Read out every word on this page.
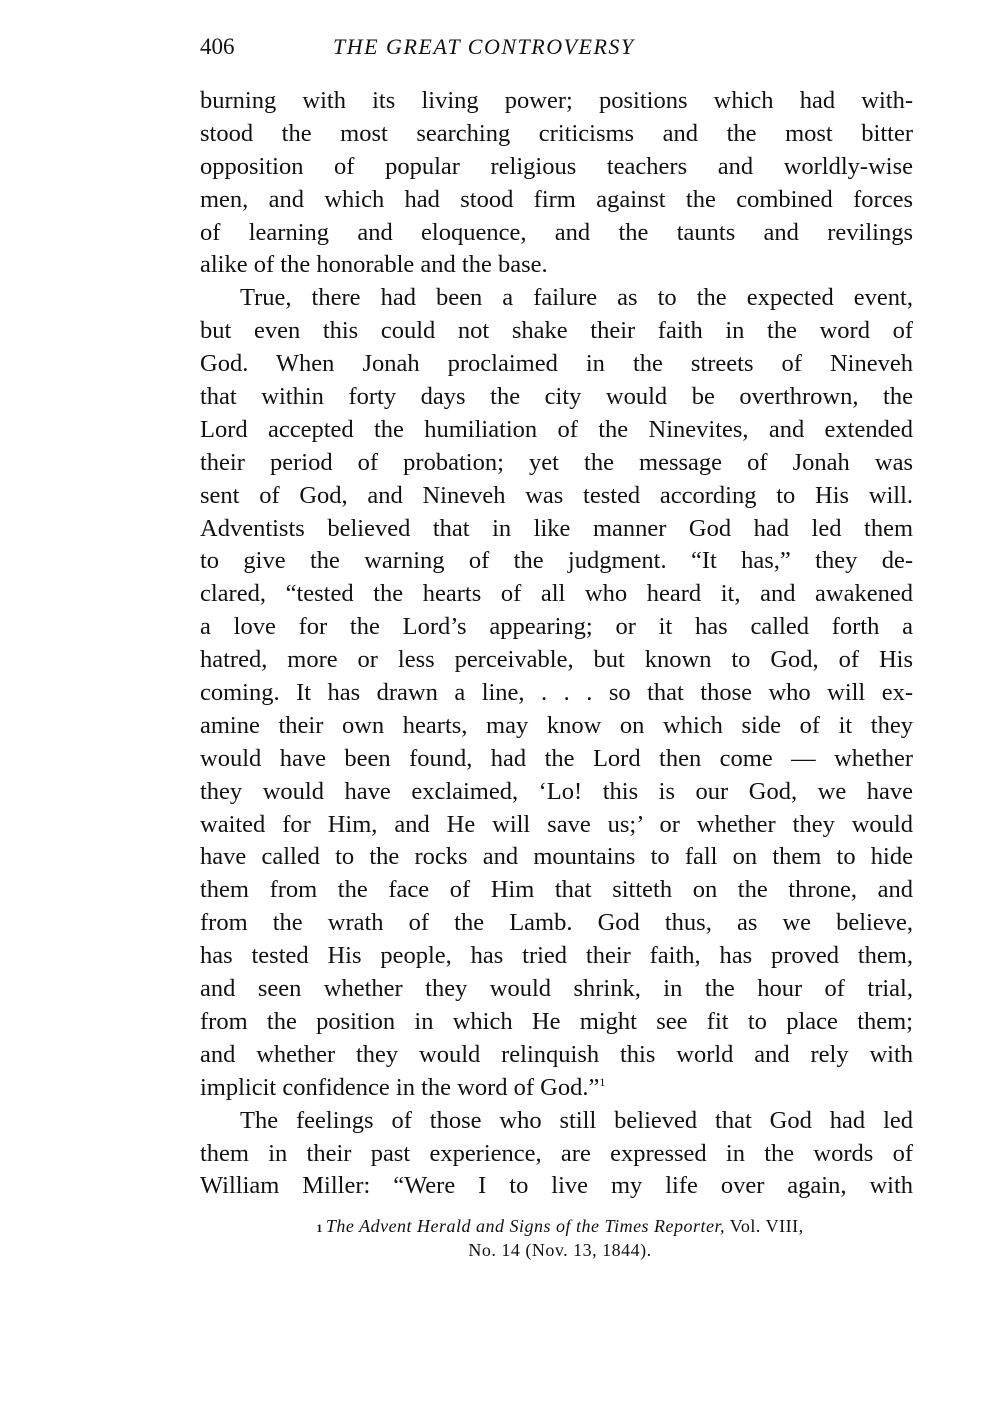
406	THE GREAT CONTROVERSY
burning with its living power; positions which had with-
stood the most searching criticisms and the most bitter
opposition of popular religious teachers and worldly-wise
men, and which had stood firm against the combined forces
of learning and eloquence, and the taunts and revilings
alike of the honorable and the base.
True, there had been a failure as to the expected event,
but even this could not shake their faith in the word of
God. When Jonah proclaimed in the streets of Nineveh
that within forty days the city would be overthrown, the
Lord accepted the humiliation of the Ninevites, and extended
their period of probation; yet the message of Jonah was
sent of God, and Nineveh was tested according to His will.
Adventists believed that in like manner God had led them
to give the warning of the judgment. “It has,” they de-
clared, “tested the hearts of all who heard it, and awakened
a love for the Lord’s appearing; or it has called forth a
hatred, more or less perceivable, but known to God, of His
coming. It has drawn a line, . . . so that those who will ex-
amine their own hearts, may know on which side of it they
would have been found, had the Lord then come — whether
they would have exclaimed, ‘Lo! this is our God, we have
waited for Him, and He will save us;’ or whether they would
have called to the rocks and mountains to fall on them to hide
them from the face of Him that sitteth on the throne, and
from the wrath of the Lamb. God thus, as we believe,
has tested His people, has tried their faith, has proved them,
and seen whether they would shrink, in the hour of trial,
from the position in which He might see fit to place them;
and whether they would relinquish this world and rely with
implicit confidence in the word of God.”$^1$
The feelings of those who still believed that God had led
them in their past experience, are expressed in the words of
William Miller: “Were I to live my life over again, with
$^1$ The Advent Herald and Signs of the Times Reporter, Vol. VIII,
No. 14 (Nov. 13, 1844).
